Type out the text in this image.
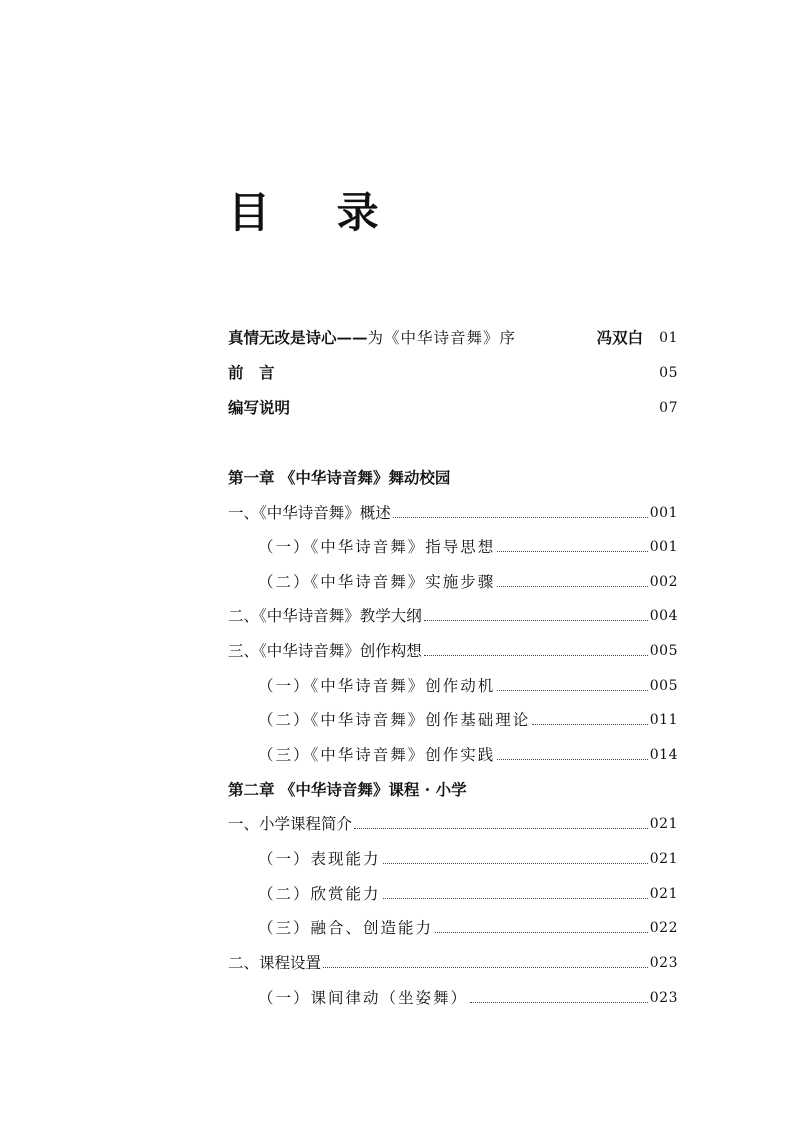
目 录
真情无改是诗心—— 为《中华诗音舞》序	冯双白 01
前　言	05
编写说明	07
第一章 《中华诗音舞》舞动校园
一、《中华诗音舞》概述	001
（一）《中华诗音舞》指导思想	001
（二）《中华诗音舞》实施步骤	002
二、《中华诗音舞》教学大纲	004
三、《中华诗音舞》创作构想	005
（一）《中华诗音舞》创作动机	005
（二）《中华诗音舞》创作基础理论	011
（三）《中华诗音舞》创作实践	014
第二章 《中华诗音舞》课程 · 小学
一、小学课程简介	021
（一）表现能力	021
（二）欣赏能力	021
（三）融合、创造能力	022
二、课程设置	023
（一）课间律动（坐姿舞）	023
